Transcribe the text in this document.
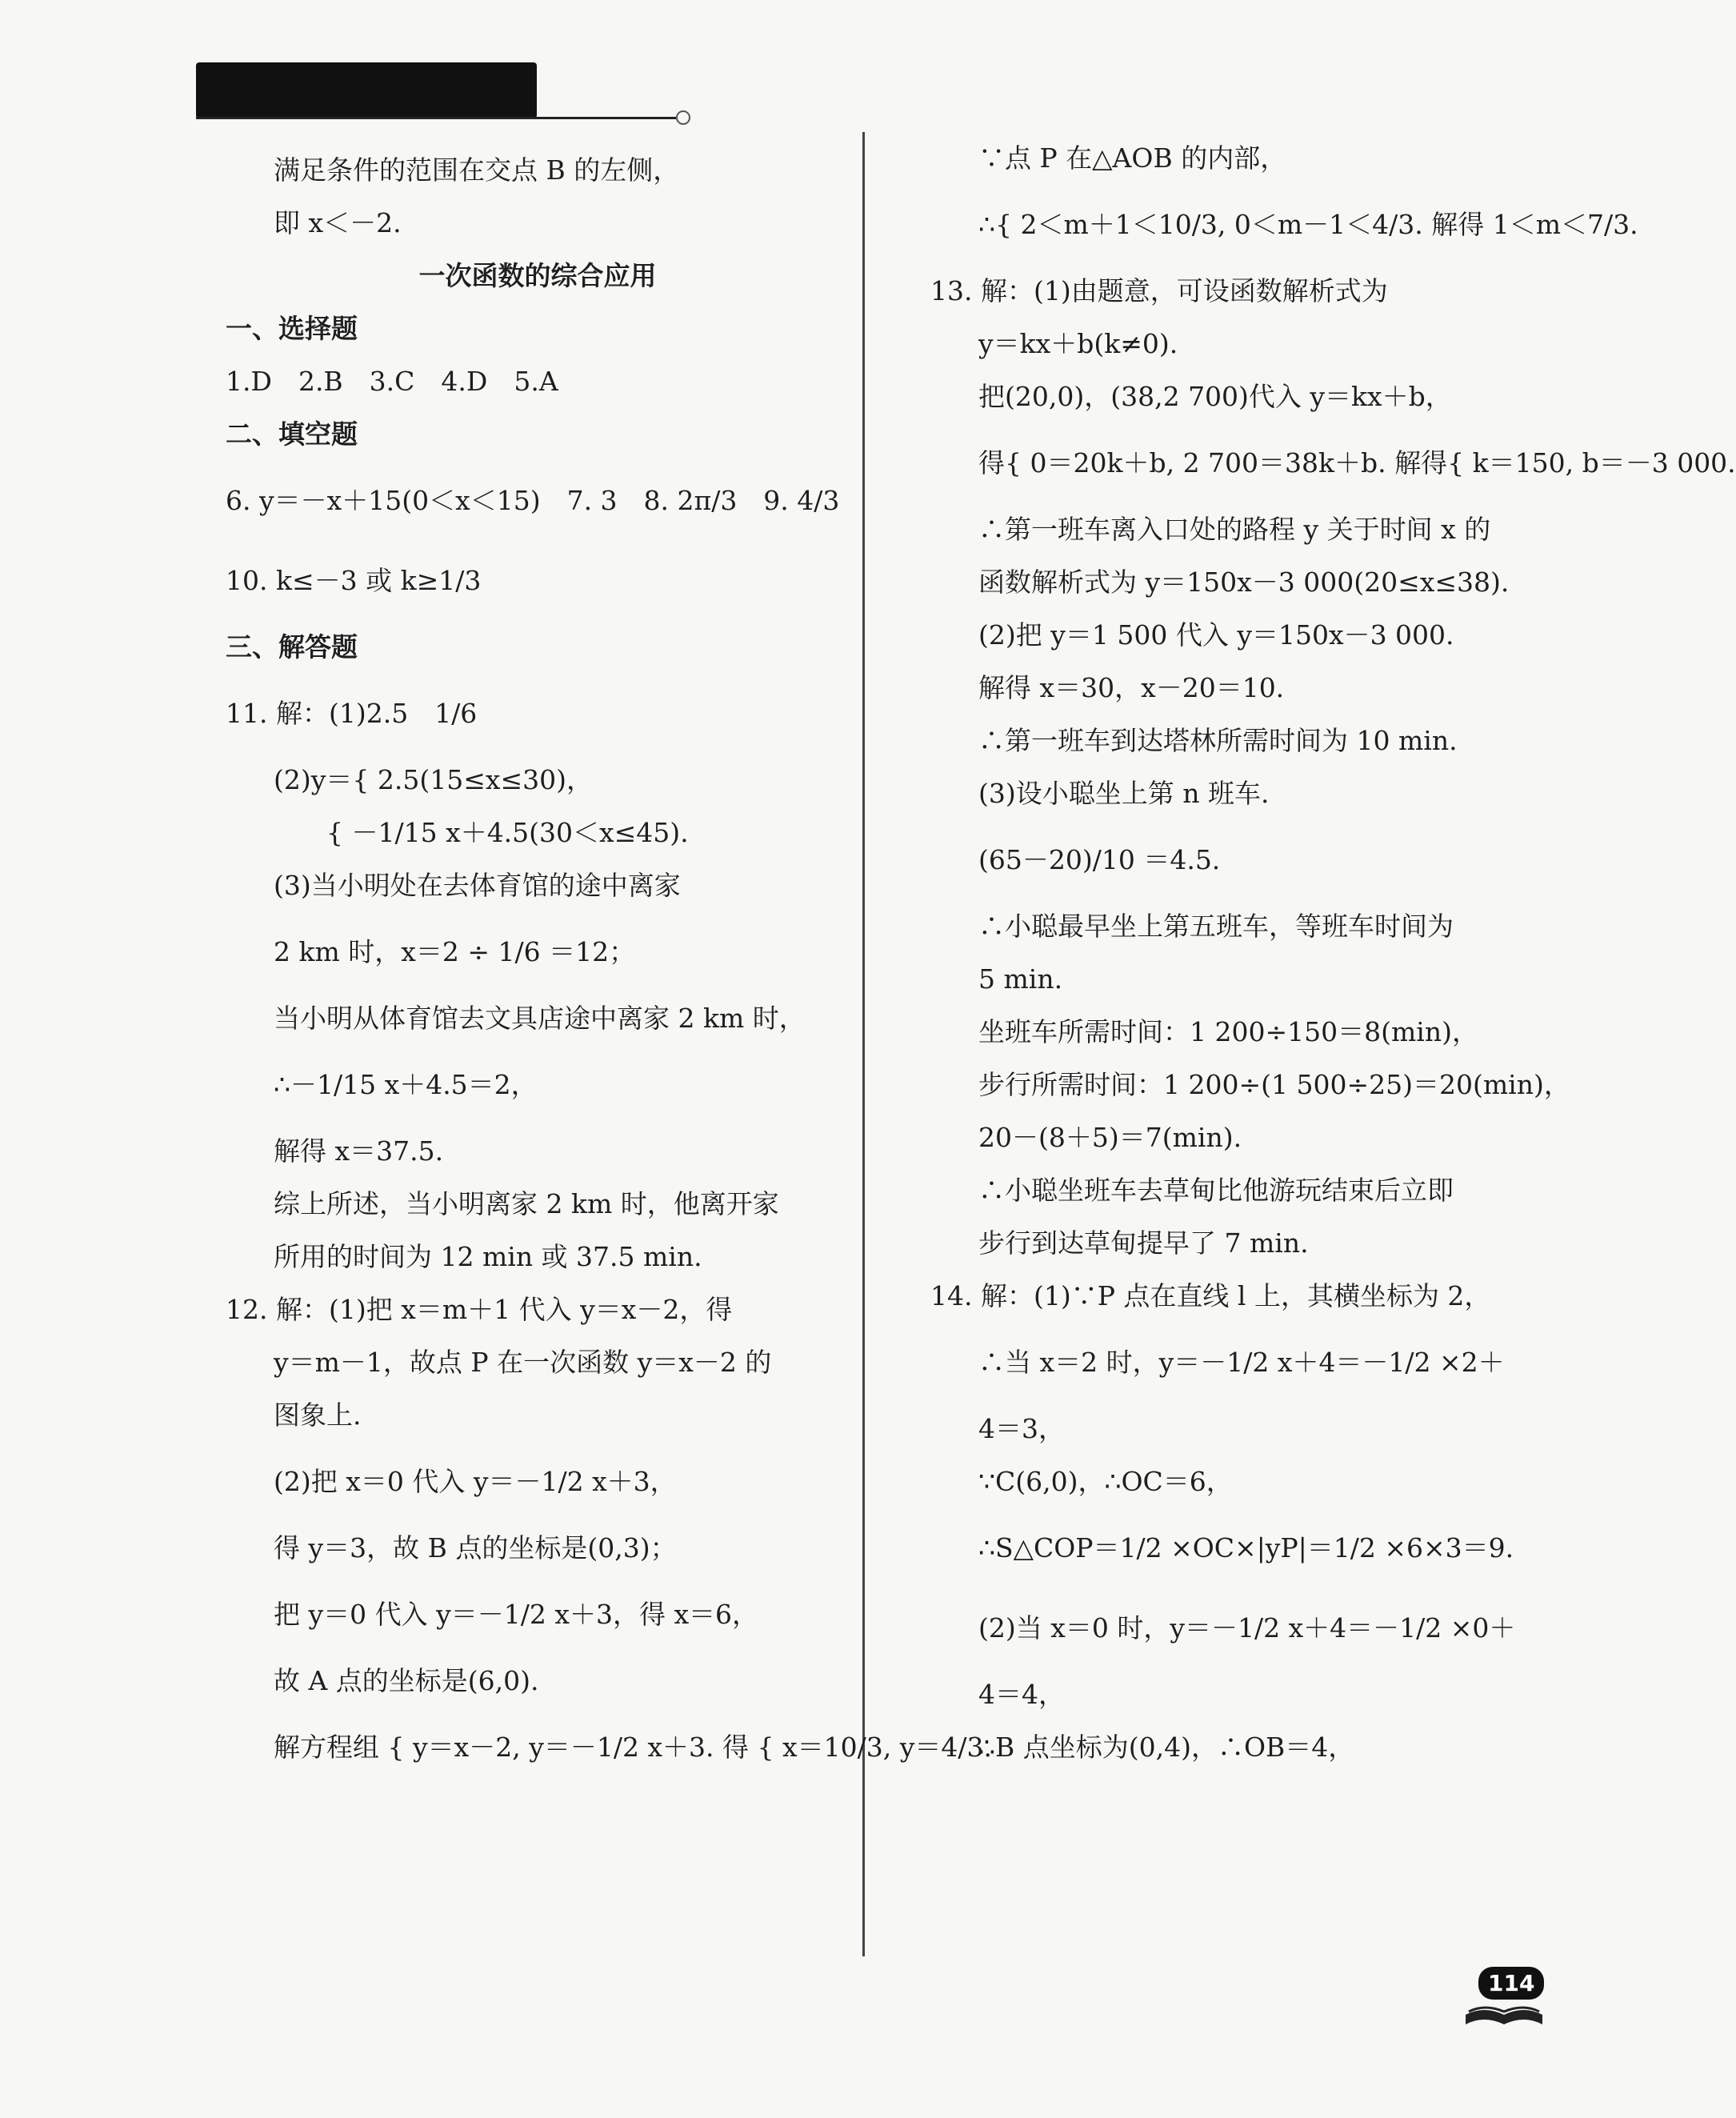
初中数学总复习
满足条件的范围在交点 B 的左侧，
即 x＜－2.
一次函数的综合应用
一、选择题
1.D　2.B　3.C　4.D　5.A
二、填空题
6. y＝－x＋15(0＜x＜15)　7. 3　8. 2π/3　9. 4/3
10. k≤－3 或 k≥1/3
三、解答题
11. 解：(1)2.5　1/6
(2)y＝{ 2.5(15≤x≤30)，
　　{ －1/15 x＋4.5(30＜x≤45).
(3)当小明处在去体育馆的途中离家
2 km 时，x＝2 ÷ 1/6 ＝12；
当小明从体育馆去文具店途中离家 2 km 时，
∴－1/15 x＋4.5＝2，
解得 x＝37.5.
综上所述，当小明离家 2 km 时，他离开家
所用的时间为 12 min 或 37.5 min.
12. 解：(1)把 x＝m＋1 代入 y＝x－2，得
y＝m－1，故点 P 在一次函数 y＝x－2 的
图象上.
(2)把 x＝0 代入 y＝－1/2 x＋3，
得 y＝3，故 B 点的坐标是(0,3)；
把 y＝0 代入 y＝－1/2 x＋3，得 x＝6，
故 A 点的坐标是(6,0).
解方程组 { y＝x－2, y＝－1/2 x＋3. 得 { x＝10/3, y＝4/3.
∵点 P 在△AOB 的内部，
∴{ 2＜m＋1＜10/3, 0＜m－1＜4/3. 解得 1＜m＜7/3.
13. 解：(1)由题意，可设函数解析式为
y＝kx＋b(k≠0).
把(20,0)，(38,2 700)代入 y＝kx＋b，
得{ 0＝20k＋b, 2 700＝38k＋b. 解得{ k＝150, b＝－3 000.
∴第一班车离入口处的路程 y 关于时间 x 的
函数解析式为 y＝150x－3 000(20≤x≤38).
(2)把 y＝1 500 代入 y＝150x－3 000.
解得 x＝30，x－20＝10.
∴第一班车到达塔林所需时间为 10 min.
(3)设小聪坐上第 n 班车.
(65－20)/10 ＝4.5.
∴小聪最早坐上第五班车，等班车时间为
5 min.
坐班车所需时间：1 200÷150＝8(min)，
步行所需时间：1 200÷(1 500÷25)＝20(min)，
20－(8＋5)＝7(min).
∴小聪坐班车去草甸比他游玩结束后立即
步行到达草甸提早了 7 min.
14. 解：(1)∵P 点在直线 l 上，其横坐标为 2，
∴当 x＝2 时，y＝－1/2 x＋4＝－1/2 ×2＋
4＝3，
∵C(6,0)，∴OC＝6，
∴S△COP＝1/2 ×OC×|yP|＝1/2 ×6×3＝9.
(2)当 x＝0 时，y＝－1/2 x＋4＝－1/2 ×0＋
4＝4，
∴B 点坐标为(0,4)，∴OB＝4，
114
